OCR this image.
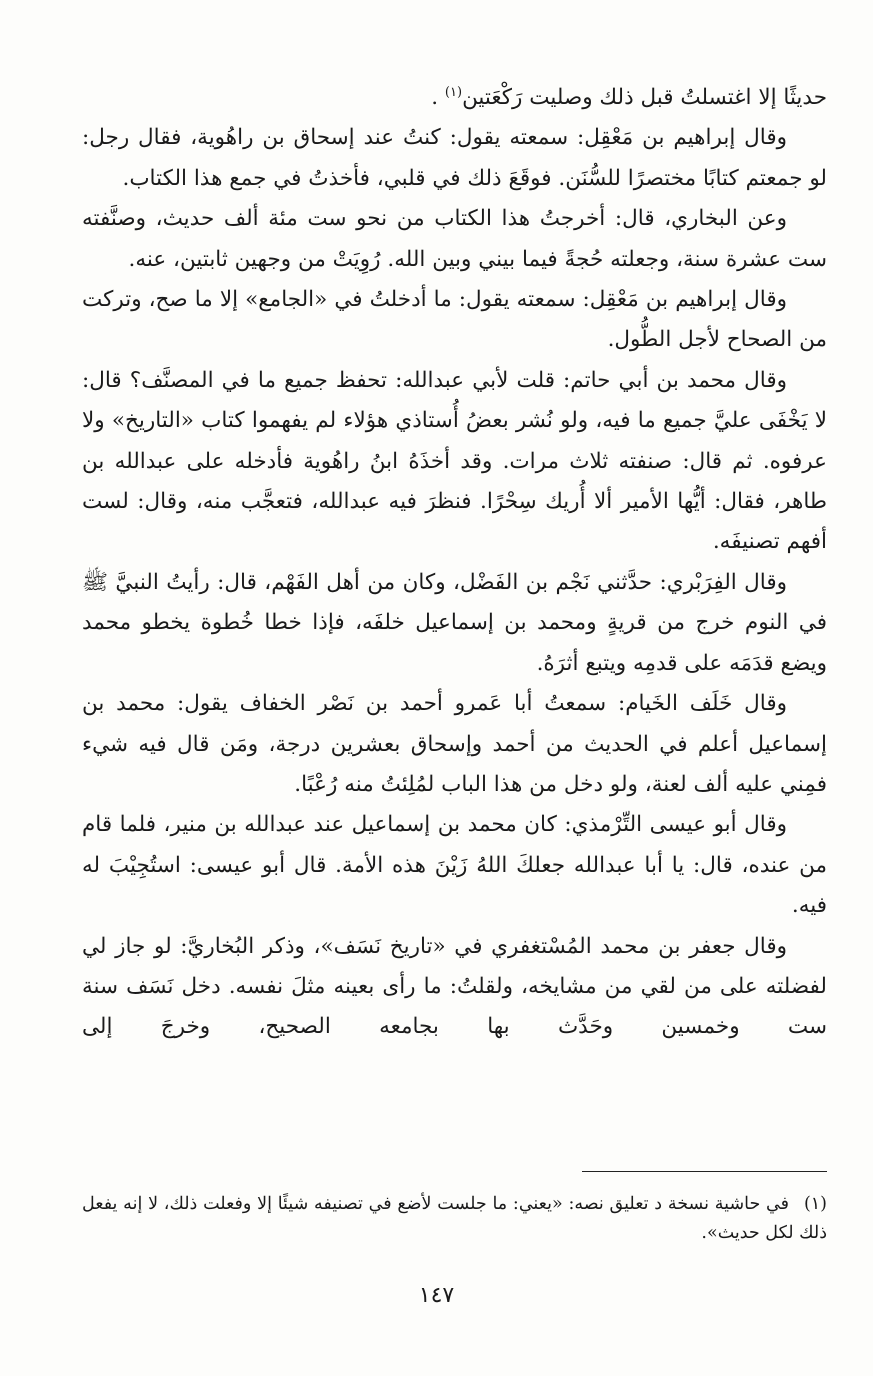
حديثًا إلا اغتسلتُ قبل ذلك وصليت رَكْعَتين$^{(١)}$ .

وقال إبراهيم بن مَعْقِل: سمعته يقول: كنتُ عند إسحاق بن راهُوية، فقال رجل: لو جمعتم كتابًا مختصرًا للسُّنَن. فوقَعَ ذلك في قلبي، فأخذتُ في جمع هذا الكتاب.

وعن البخاري، قال: أخرجتُ هذا الكتاب من نحو ست مئة ألف حديث، وصنَّفته ست عشرة سنة، وجعلته حُجةً فيما بيني وبين الله. رُوِيَتْ من وجهين ثابتين، عنه.

وقال إبراهيم بن مَعْقِل: سمعته يقول: ما أدخلتُ في «الجامع» إلا ما صح، وتركت من الصحاح لأجل الطُّول.

وقال محمد بن أبي حاتم: قلت لأبي عبدالله: تحفظ جميع ما في المصنَّف؟ قال: لا يَخْفَى عليَّ جميع ما فيه، ولو نُشر بعضُ أُستاذي هؤلاء لم يفهموا كتاب «التاريخ» ولا عرفوه. ثم قال: صنفته ثلاث مرات. وقد أخذَهُ ابنُ راهُوية فأدخله على عبدالله بن طاهر، فقال: أيُّها الأمير ألا أُريك سِحْرًا. فنظرَ فيه عبدالله، فتعجَّب منه، وقال: لست أفهم تصنيفَه.

وقال الفِرَبْري: حدَّثني نَجْم بن الفَضْل، وكان من أهل الفَهْم، قال: رأيتُ النبيَّ ﷺ في النوم خرج من قريةٍ ومحمد بن إسماعيل خلفَه، فإذا خطا خُطوة يخطو محمد ويضع قدَمَه على قدمِه ويتبع أثرَهُ.

وقال خَلَف الخَيام: سمعتُ أبا عَمرو أحمد بن نَصْر الخفاف يقول: محمد بن إسماعيل أعلم في الحديث من أحمد وإسحاق بعشرين درجة، ومَن قال فيه شيء فمِني عليه ألف لعنة، ولو دخل من هذا الباب لمُلِئتُ منه رُعْبًا.

وقال أبو عيسى التِّرْمذي: كان محمد بن إسماعيل عند عبدالله بن منير، فلما قام من عنده، قال: يا أبا عبدالله جعلكَ اللهُ زَيْنَ هذه الأمة. قال أبو عيسى: استُجِيْبَ له فيه.

وقال جعفر بن محمد المُسْتغفري في «تاريخ نَسَف»، وذكر البُخاريَّ: لو جاز لي لفضلته على من لقي من مشايخه، ولقلتُ: ما رأى بعينه مثلَ نفسه. دخل نَسَف سنة ست وخمسين وحَدَّث بها بجامعه الصحيح، وخرجَ إلى

(١)في حاشية نسخة د تعليق نصه: «يعني: ما جلست لأضع في تصنيفه شيئًا إلا وفعلت ذلك، لا إنه يفعل ذلك لكل حديث».
١٤٧
